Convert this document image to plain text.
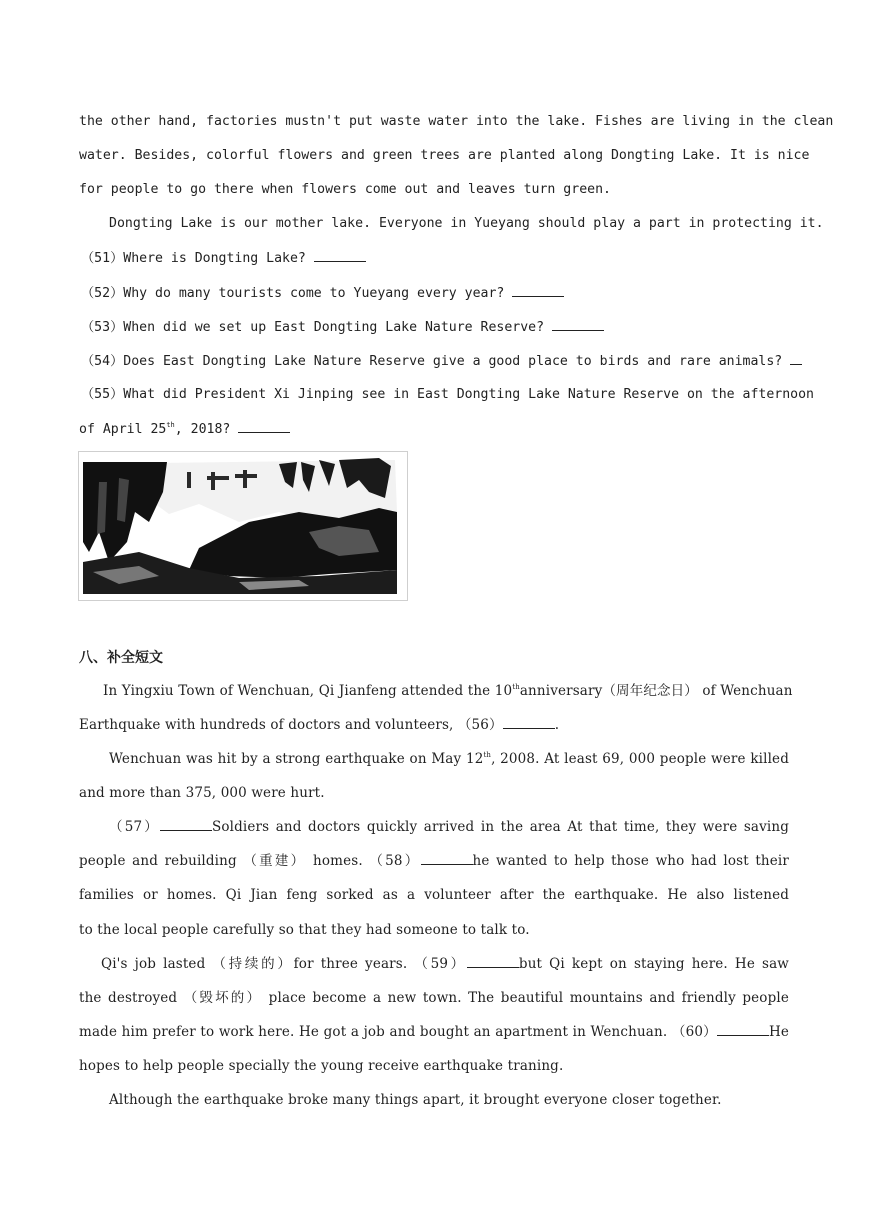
the other hand, factories mustn't put waste water into the lake. Fishes are living in the clean
water. Besides, colorful flowers and green trees are planted along Dongting Lake. It is nice
for people to go there when flowers come out and leaves turn green.
Dongting Lake is our mother lake. Everyone in Yueyang should play a part in protecting it.
（51）Where is Dongting Lake?
（52）Why do many tourists come to Yueyang every year?
（53）When did we set up East Dongting Lake Nature Reserve?
（54）Does East Dongting Lake Nature Reserve give a good place to birds and rare animals?
（55）What did President Xi Jinping see in East Dongting Lake Nature Reserve on the afternoon
of April 25th, 2018?
八、补全短文
In Yingxiu Town of Wenchuan, Qi Jianfeng attended the 10thanniversary（周年纪念日） of Wenchuan
Earthquake with hundreds of doctors and volunteers, （56）	.
Wenchuan was hit by a strong earthquake on May 12th, 2008. At least 69, 000 people were killed
and more than 375, 000 were hurt.
（57）	Soldiers and doctors quickly arrived in the area At that time, they were saving
people and rebuilding （重建） homes. （58）	he wanted to help those who had lost their
families or homes. Qi Jian feng sorked as a volunteer after the earthquake. He also listened
to the local people carefully so that they had someone to talk to.
Qi's job lasted （持续的）for three years. （59）	but Qi kept on staying here. He saw
the destroyed （毁坏的） place become a new town. The beautiful mountains and friendly people
made him prefer to work here. He got a job and bought an apartment in Wenchuan. （60）	He
hopes to help people specially the young receive earthquake traning.
Although the earthquake broke many things apart, it brought everyone closer together.
